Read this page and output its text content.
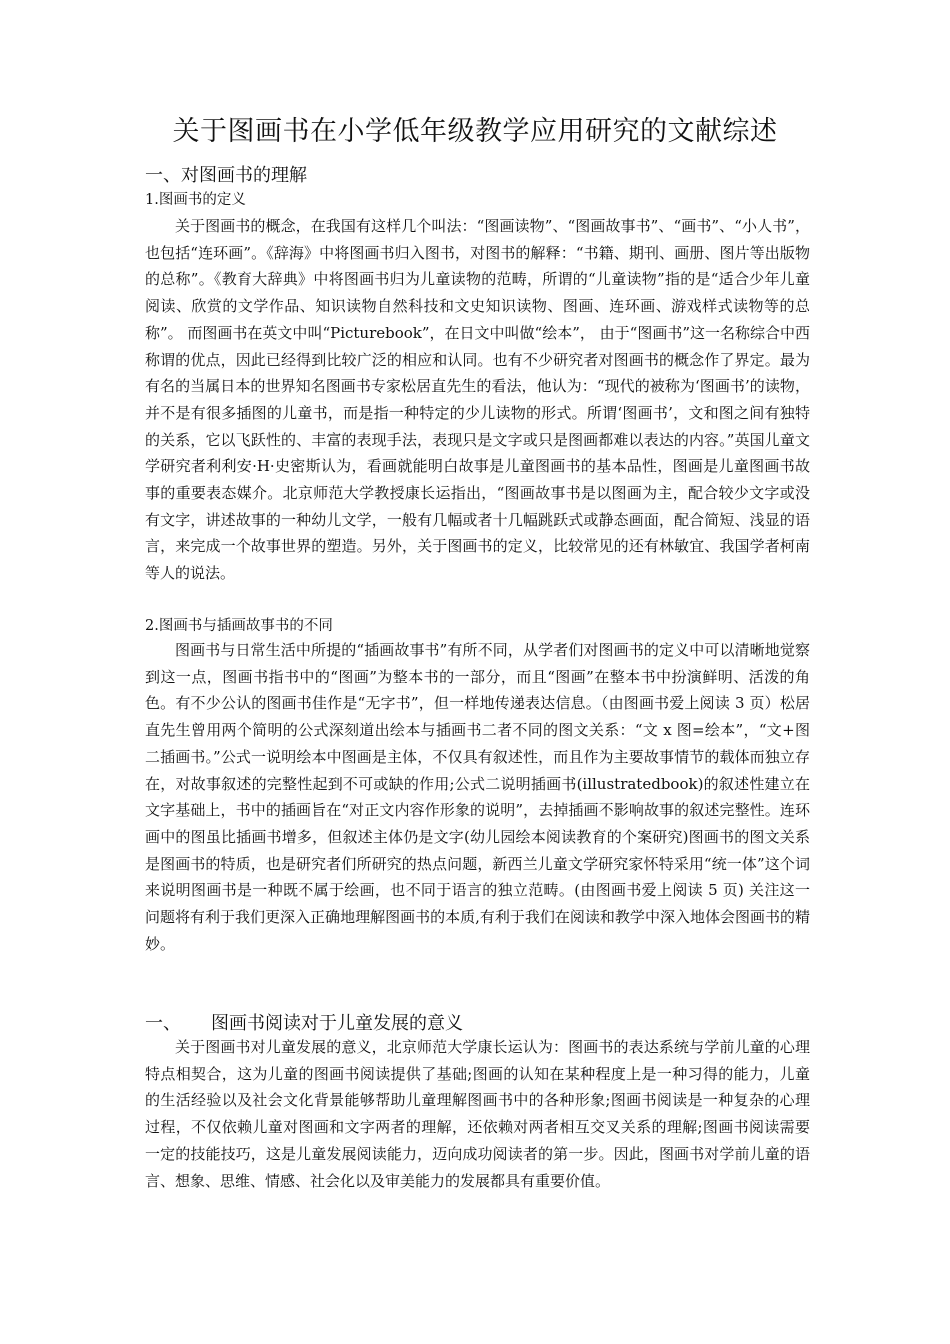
关于图画书在小学低年级教学应用研究的文献综述
一、对图画书的理解
1.图画书的定义

关于图画书的概念，在我国有这样几个叫法：“图画读物”、“图画故事书”、“画书”、“小人书”，也包括“连环画”。《辞海》中将图画书归入图书，对图书的解释：“书籍、期刊、画册、图片等出版物的总称”。《教育大辞典》中将图画书归为儿童读物的范畴，所谓的“儿童读物”指的是“适合少年儿童阅读、欣赏的文学作品、知识读物自然科技和文史知识读物、图画、连环画、游戏样式读物等的总称”。 而图画书在英文中叫“Picturebook”，在日文中叫做“绘本”， 由于“图画书”这一名称综合中西称谓的优点，因此已经得到比较广泛的相应和认同。也有不少研究者对图画书的概念作了界定。最为有名的当属日本的世界知名图画书专家松居直先生的看法，他认为：“现代的被称为‘图画书’的读物，并不是有很多插图的儿童书，而是指一种特定的少儿读物的形式。所谓‘图画书’，文和图之间有独特的关系，它以飞跃性的、丰富的表现手法，表现只是文字或只是图画都难以表达的内容。”英国儿童文学研究者利利安·H·史密斯认为，看画就能明白故事是儿童图画书的基本品性，图画是儿童图画书故事的重要表态媒介。北京师范大学教授康长运指出，“图画故事书是以图画为主，配合较少文字或没有文字，讲述故事的一种幼儿文学，一般有几幅或者十几幅跳跃式或静态画面，配合简短、浅显的语言，来完成一个故事世界的塑造。另外，关于图画书的定义，比较常见的还有林敏宜、我国学者柯南等人的说法。

2.图画书与插画故事书的不同

图画书与日常生活中所提的“插画故事书”有所不同，从学者们对图画书的定义中可以清晰地觉察到这一点，图画书指书中的“图画”为整本书的一部分，而且“图画”在整本书中扮演鲜明、活泼的角色。有不少公认的图画书佳作是“无字书”，但一样地传递表达信息。（由图画书爱上阅读 3 页）松居直先生曾用两个简明的公式深刻道出绘本与插画书二者不同的图文关系：“文 x 图=绘本”，“文+图二插画书。”公式一说明绘本中图画是主体，不仅具有叙述性，而且作为主要故事情节的载体而独立存在，对故事叙述的完整性起到不可或缺的作用;公式二说明插画书(illustratedbook)的叙述性建立在文字基础上，书中的插画旨在“对正文内容作形象的说明”，去掉插画不影响故事的叙述完整性。连环画中的图虽比插画书增多，但叙述主体仍是文字(幼儿园绘本阅读教育的个案研究)图画书的图文关系是图画书的特质，也是研究者们所研究的热点问题，新西兰儿童文学研究家怀特采用“统一体”这个词来说明图画书是一种既不属于绘画，也不同于语言的独立范畴。(由图画书爱上阅读 5 页) 关注这一问题将有利于我们更深入正确地理解图画书的本质,有利于我们在阅读和教学中深入地体会图画书的精妙。

一、 图画书阅读对于儿童发展的意义

关于图画书对儿童发展的意义，北京师范大学康长运认为：图画书的表达系统与学前儿童的心理特点相契合，这为儿童的图画书阅读提供了基础;图画的认知在某种程度上是一种习得的能力，儿童的生活经验以及社会文化背景能够帮助儿童理解图画书中的各种形象;图画书阅读是一种复杂的心理过程，不仅依赖儿童对图画和文字两者的理解，还依赖对两者相互交叉关系的理解;图画书阅读需要一定的技能技巧，这是儿童发展阅读能力，迈向成功阅读者的第一步。因此，图画书对学前儿童的语言、想象、思维、情感、社会化以及审美能力的发展都具有重要价值。
